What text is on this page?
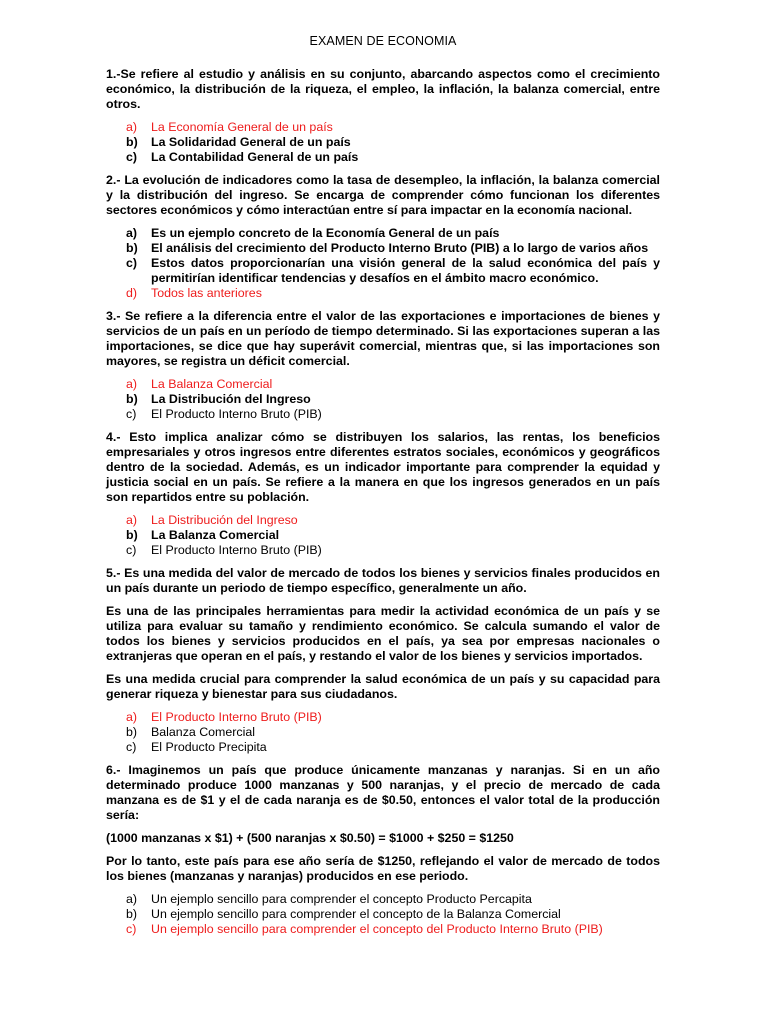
EXAMEN DE ECONOMIA

1.-Se refiere al estudio y análisis en su conjunto, abarcando aspectos como el crecimiento económico, la distribución de la riqueza, el empleo, la inflación, la balanza comercial, entre otros.

a)	La Economía General de un país
b)	La Solidaridad General de un país
c)	La Contabilidad General de un país

2.- La evolución de indicadores como la tasa de desempleo, la inflación, la balanza comercial y la distribución del ingreso. Se encarga de comprender cómo funcionan los diferentes sectores económicos y cómo interactúan entre sí para impactar en la economía nacional.

a)	Es un ejemplo concreto de la Economía General de un país
b)	El análisis del crecimiento del Producto Interno Bruto (PIB) a lo largo de varios años
c)	Estos datos proporcionarían una visión general de la salud económica del país y permitirían identificar tendencias y desafíos en el ámbito macro económico.
d)	Todos las anteriores

3.- Se refiere a la diferencia entre el valor de las exportaciones e importaciones de bienes y servicios de un país en un período de tiempo determinado. Si las exportaciones superan a las importaciones, se dice que hay superávit comercial, mientras que, si las importaciones son mayores, se registra un déficit comercial.

a)	La Balanza Comercial
b)	La Distribución del Ingreso
c)	El Producto Interno Bruto (PIB)

4.- Esto implica analizar cómo se distribuyen los salarios, las rentas, los beneficios empresariales y otros ingresos entre diferentes estratos sociales, económicos y geográficos dentro de la sociedad. Además, es un indicador importante para comprender la equidad y justicia social en un país. Se refiere a la manera en que los ingresos generados en un país son repartidos entre su población.

a)	La Distribución del Ingreso
b)	La Balanza Comercial
c)	El Producto Interno Bruto (PIB)

5.- Es una medida del valor de mercado de todos los bienes y servicios finales producidos en un país durante un periodo de tiempo específico, generalmente un año.

Es una de las principales herramientas para medir la actividad económica de un país y se utiliza para evaluar su tamaño y rendimiento económico. Se calcula sumando el valor de todos los bienes y servicios producidos en el país, ya sea por empresas nacionales o extranjeras que operan en el país, y restando el valor de los bienes y servicios importados.

Es una medida crucial para comprender la salud económica de un país y su capacidad para generar riqueza y bienestar para sus ciudadanos.

a)	El Producto Interno Bruto (PIB)
b)	Balanza Comercial
c)	El Producto Precipita

6.- Imaginemos un país que produce únicamente manzanas y naranjas. Si en un año determinado produce 1000 manzanas y 500 naranjas, y el precio de mercado de cada manzana es de $1 y el de cada naranja es de $0.50, entonces el valor total de la producción sería:

(1000 manzanas x $1) + (500 naranjas x $0.50) = $1000 + $250 = $1250

Por lo tanto, este país para ese año sería de $1250, reflejando el valor de mercado de todos los bienes (manzanas y naranjas) producidos en ese periodo.

a)	Un ejemplo sencillo para comprender el concepto Producto Percapita
b)	Un ejemplo sencillo para comprender el concepto de la Balanza Comercial
c)	Un ejemplo sencillo para comprender el concepto del Producto Interno Bruto (PIB)
